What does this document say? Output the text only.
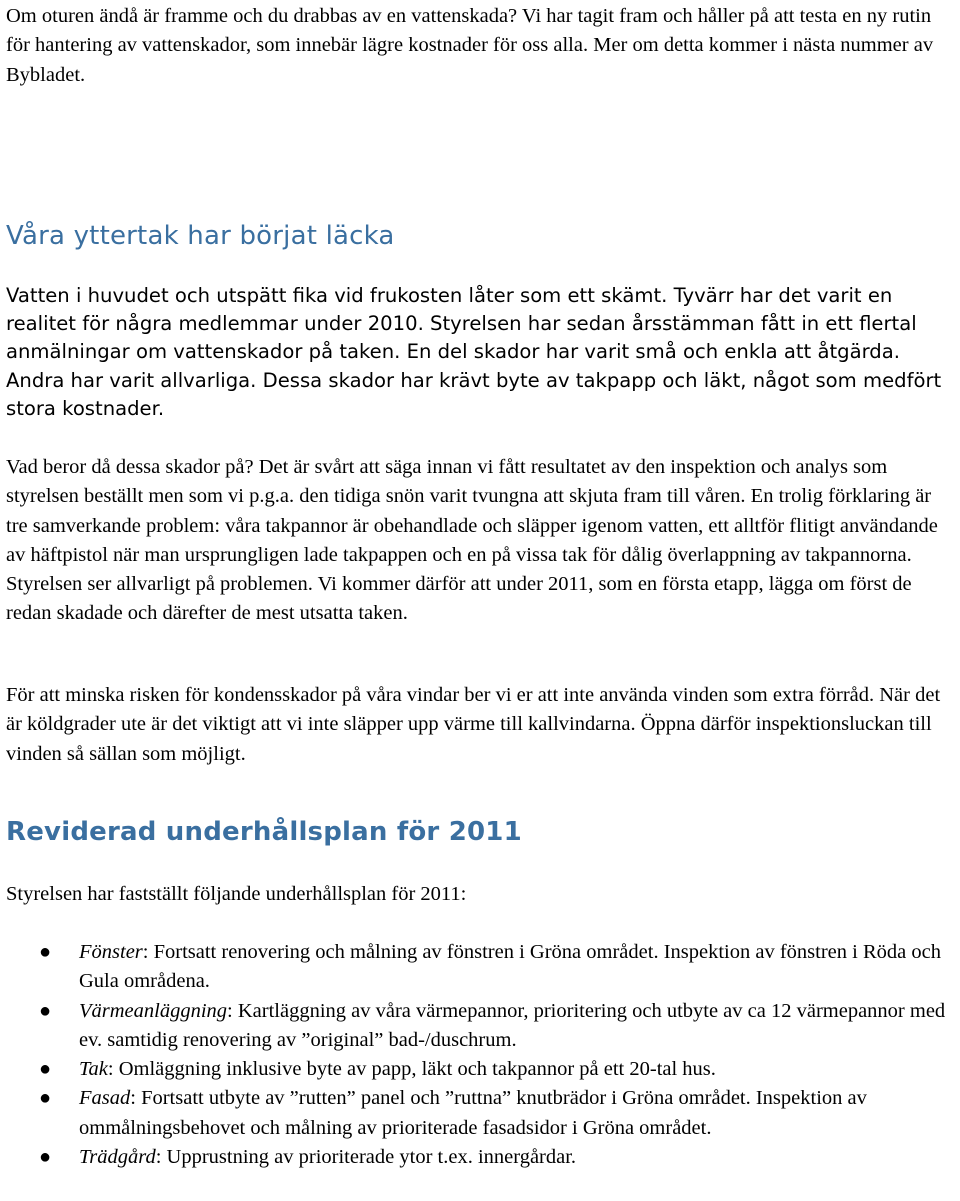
Om oturen ändå är framme och du drabbas av en vattenskada? Vi har tagit fram och håller på att testa en ny rutin för hantering av vattenskador, som innebär lägre kostnader för oss alla. Mer om detta kommer i nästa nummer av Bybladet.

Våra yttertak har börjat läcka

Vatten i huvudet och utspätt fika vid frukosten låter som ett skämt. Tyvärr har det varit en realitet för några medlemmar under 2010. Styrelsen har sedan årsstämman fått in ett flertal anmälningar om vattenskador på taken. En del skador har varit små och enkla att åtgärda. Andra har varit allvarliga. Dessa skador har krävt byte av takpapp och läkt, något som medfört stora kostnader.

Vad beror då dessa skador på? Det är svårt att säga innan vi fått resultatet av den inspektion och analys som styrelsen beställt men som vi p.g.a. den tidiga snön varit tvungna att skjuta fram till våren. En trolig förklaring är tre samverkande problem: våra takpannor är obehandlade och släpper igenom vatten, ett alltför flitigt användande av häftpistol när man ursprungligen lade takpappen och en på vissa tak för dålig överlappning av takpannorna. Styrelsen ser allvarligt på problemen. Vi kommer därför att under 2011, som en första etapp, lägga om först de redan skadade och därefter de mest utsatta taken.

För att minska risken för kondensskador på våra vindar ber vi er att inte använda vinden som extra förråd. När det är köldgrader ute är det viktigt att vi inte släpper upp värme till kallvindarna. Öppna därför inspektionsluckan till vinden så sällan som möjligt.

Reviderad underhållsplan för 2011

Styrelsen har fastställt följande underhållsplan för 2011:

● Fönster: Fortsatt renovering och målning av fönstren i Gröna området. Inspektion av fönstren i Röda och Gula områdena.
● Värmeanläggning: Kartläggning av våra värmepannor, prioritering och utbyte av ca 12 värmepannor med ev. samtidig renovering av ”original” bad-/duschrum.
● Tak: Omläggning inklusive byte av papp, läkt och takpannor på ett 20-tal hus.
● Fasad: Fortsatt utbyte av ”rutten” panel och ”ruttna” knutbrädor i Gröna området. Inspektion av ommålningsbehovet och målning av prioriterade fasadsidor i Gröna området.
● Trädgård: Upprustning av prioriterade ytor t.ex. innergårdar.
